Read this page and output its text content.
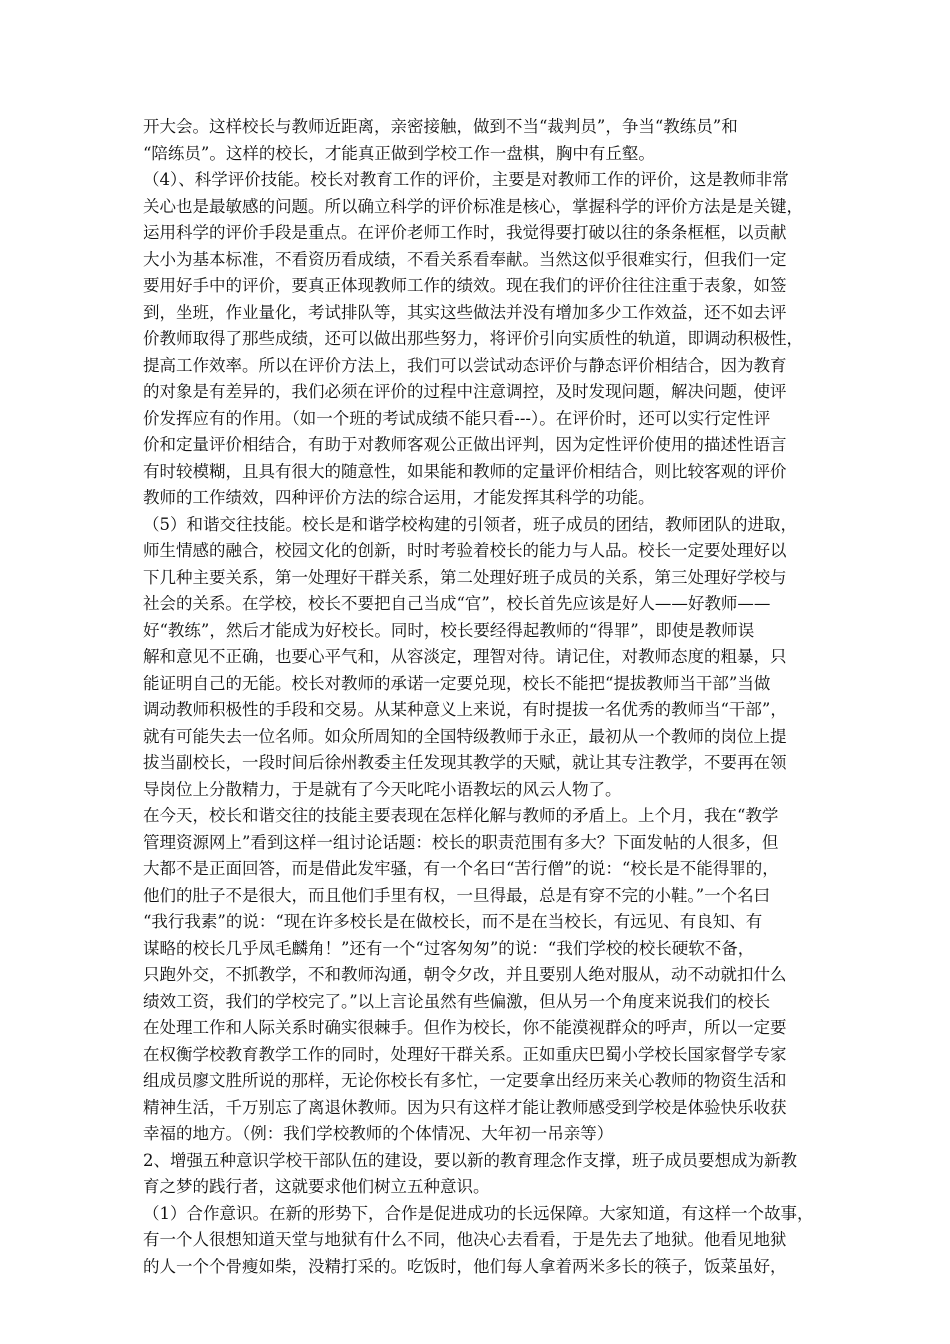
开大会。这样校长与教师近距离，亲密接触，做到不当“裁判员”，争当“教练员”和
“陪练员”。这样的校长，才能真正做到学校工作一盘棋，胸中有丘壑。
（4）、科学评价技能。校长对教育工作的评价，主要是对教师工作的评价，这是教师非常
关心也是最敏感的问题。所以确立科学的评价标准是核心，掌握科学的评价方法是是关键，
运用科学的评价手段是重点。在评价老师工作时，我觉得要打破以往的条条框框，以贡献
大小为基本标准，不看资历看成绩，不看关系看奉献。当然这似乎很难实行，但我们一定
要用好手中的评价，要真正体现教师工作的绩效。现在我们的评价往往注重于表象，如签
到，坐班，作业量化，考试排队等，其实这些做法并没有增加多少工作效益，还不如去评
价教师取得了那些成绩，还可以做出那些努力，将评价引向实质性的轨道，即调动积极性，
提高工作效率。所以在评价方法上，我们可以尝试动态评价与静态评价相结合，因为教育
的对象是有差异的，我们必须在评价的过程中注意调控，及时发现问题，解决问题，使评
价发挥应有的作用。（如一个班的考试成绩不能只看---）。在评价时，还可以实行定性评
价和定量评价相结合，有助于对教师客观公正做出评判，因为定性评价使用的描述性语言
有时较模糊，且具有很大的随意性，如果能和教师的定量评价相结合，则比较客观的评价
教师的工作绩效，四种评价方法的综合运用，才能发挥其科学的功能。
（5）和谐交往技能。校长是和谐学校构建的引领者，班子成员的团结，教师团队的进取，
师生情感的融合，校园文化的创新，时时考验着校长的能力与人品。校长一定要处理好以
下几种主要关系，第一处理好干群关系，第二处理好班子成员的关系，第三处理好学校与
社会的关系。在学校，校长不要把自己当成“官”，校长首先应该是好人——好教师——
好“教练”，然后才能成为好校长。同时，校长要经得起教师的“得罪”，即使是教师误
解和意见不正确，也要心平气和，从容淡定，理智对待。请记住，对教师态度的粗暴，只
能证明自己的无能。校长对教师的承诺一定要兑现，校长不能把“提拔教师当干部”当做
调动教师积极性的手段和交易。从某种意义上来说，有时提拔一名优秀的教师当“干部”，
就有可能失去一位名师。如众所周知的全国特级教师于永正，最初从一个教师的岗位上提
拔当副校长，一段时间后徐州教委主任发现其教学的天赋，就让其专注教学，不要再在领
导岗位上分散精力，于是就有了今天叱咤小语教坛的风云人物了。
在今天，校长和谐交往的技能主要表现在怎样化解与教师的矛盾上。上个月，我在“教学
管理资源网上”看到这样一组讨论话题：校长的职责范围有多大？下面发帖的人很多，但
大都不是正面回答，而是借此发牢骚，有一个名曰“苦行僧”的说：“校长是不能得罪的，
他们的肚子不是很大，而且他们手里有权，一旦得最，总是有穿不完的小鞋。”一个名曰
“我行我素”的说：“现在许多校长是在做校长，而不是在当校长，有远见、有良知、有
谋略的校长几乎凤毛麟角！”还有一个“过客匆匆”的说：“我们学校的校长硬软不备，
只跑外交，不抓教学，不和教师沟通，朝令夕改，并且要别人绝对服从，动不动就扣什么
绩效工资，我们的学校完了。”以上言论虽然有些偏激，但从另一个角度来说我们的校长
在处理工作和人际关系时确实很棘手。但作为校长，你不能漠视群众的呼声，所以一定要
在权衡学校教育教学工作的同时，处理好干群关系。正如重庆巴蜀小学校长国家督学专家
组成员廖文胜所说的那样，无论你校长有多忙，一定要拿出经历来关心教师的物资生活和
精神生活，千万别忘了离退休教师。因为只有这样才能让教师感受到学校是体验快乐收获
幸福的地方。（例：我们学校教师的个体情况、大年初一吊亲等）
2、增强五种意识学校干部队伍的建设，要以新的教育理念作支撑，班子成员要想成为新教
育之梦的践行者，这就要求他们树立五种意识。
（1）合作意识。在新的形势下，合作是促进成功的长远保障。大家知道，有这样一个故事，
有一个人很想知道天堂与地狱有什么不同，他决心去看看，于是先去了地狱。他看见地狱
的人一个个骨瘦如柴，没精打采的。吃饭时，他们每人拿着两米多长的筷子，饭菜虽好，
